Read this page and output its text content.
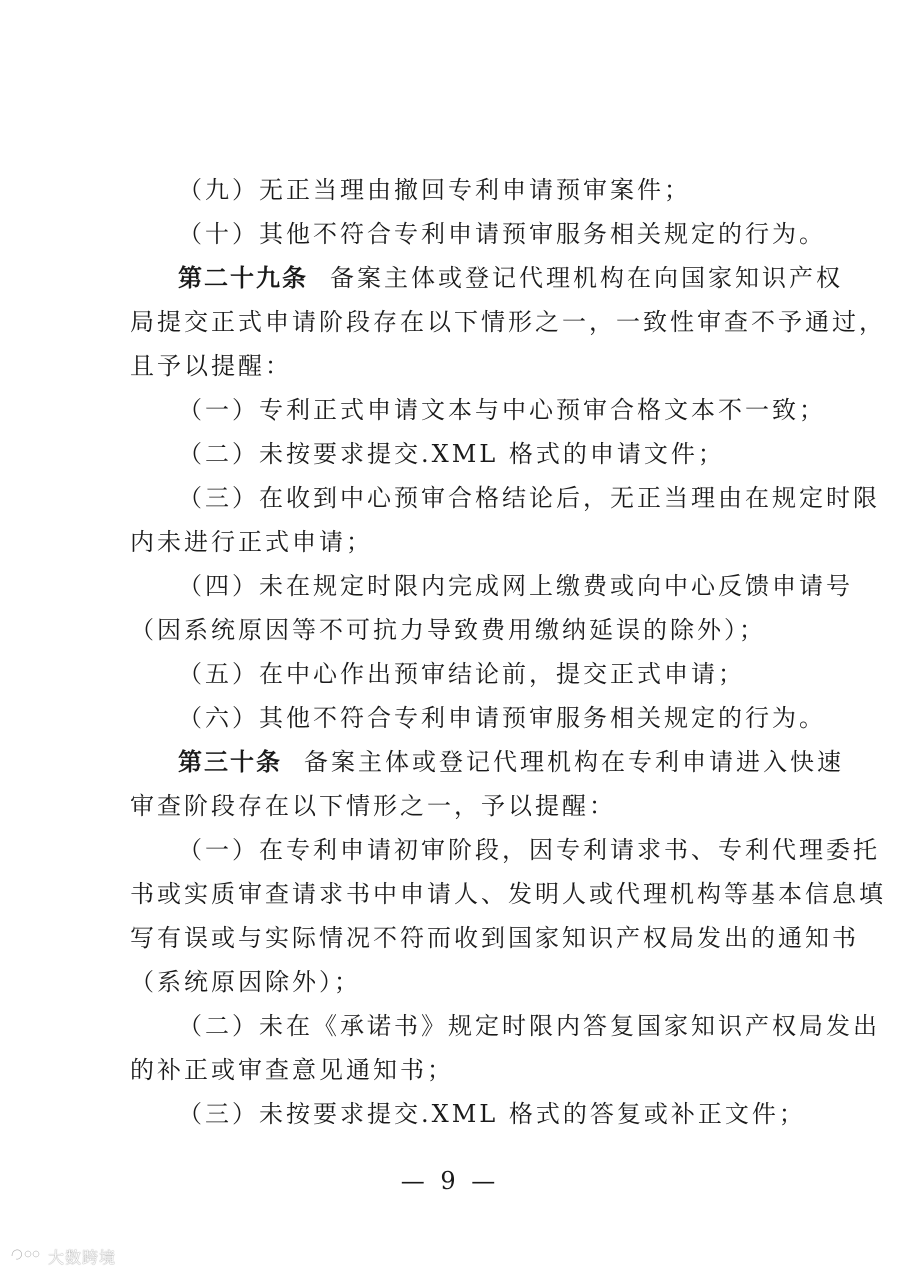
（九）无正当理由撤回专利申请预审案件；
（十）其他不符合专利申请预审服务相关规定的行为。
第二十九条 备案主体或登记代理机构在向国家知识产权
局提交正式申请阶段存在以下情形之一，一致性审查不予通过，
且予以提醒：
（一）专利正式申请文本与中心预审合格文本不一致；
（二）未按要求提交.XML 格式的申请文件；
（三）在收到中心预审合格结论后，无正当理由在规定时限
内未进行正式申请；
（四）未在规定时限内完成网上缴费或向中心反馈申请号
（因系统原因等不可抗力导致费用缴纳延误的除外）；
（五）在中心作出预审结论前，提交正式申请；
（六）其他不符合专利申请预审服务相关规定的行为。
第三十条 备案主体或登记代理机构在专利申请进入快速
审查阶段存在以下情形之一，予以提醒：
（一）在专利申请初审阶段，因专利请求书、专利代理委托
书或实质审查请求书中申请人、发明人或代理机构等基本信息填
写有误或与实际情况不符而收到国家知识产权局发出的通知书
（系统原因除外）；
（二）未在《承诺书》规定时限内答复国家知识产权局发出
的补正或审查意见通知书；
（三）未按要求提交.XML 格式的答复或补正文件；
— 9 —
大数跨境
